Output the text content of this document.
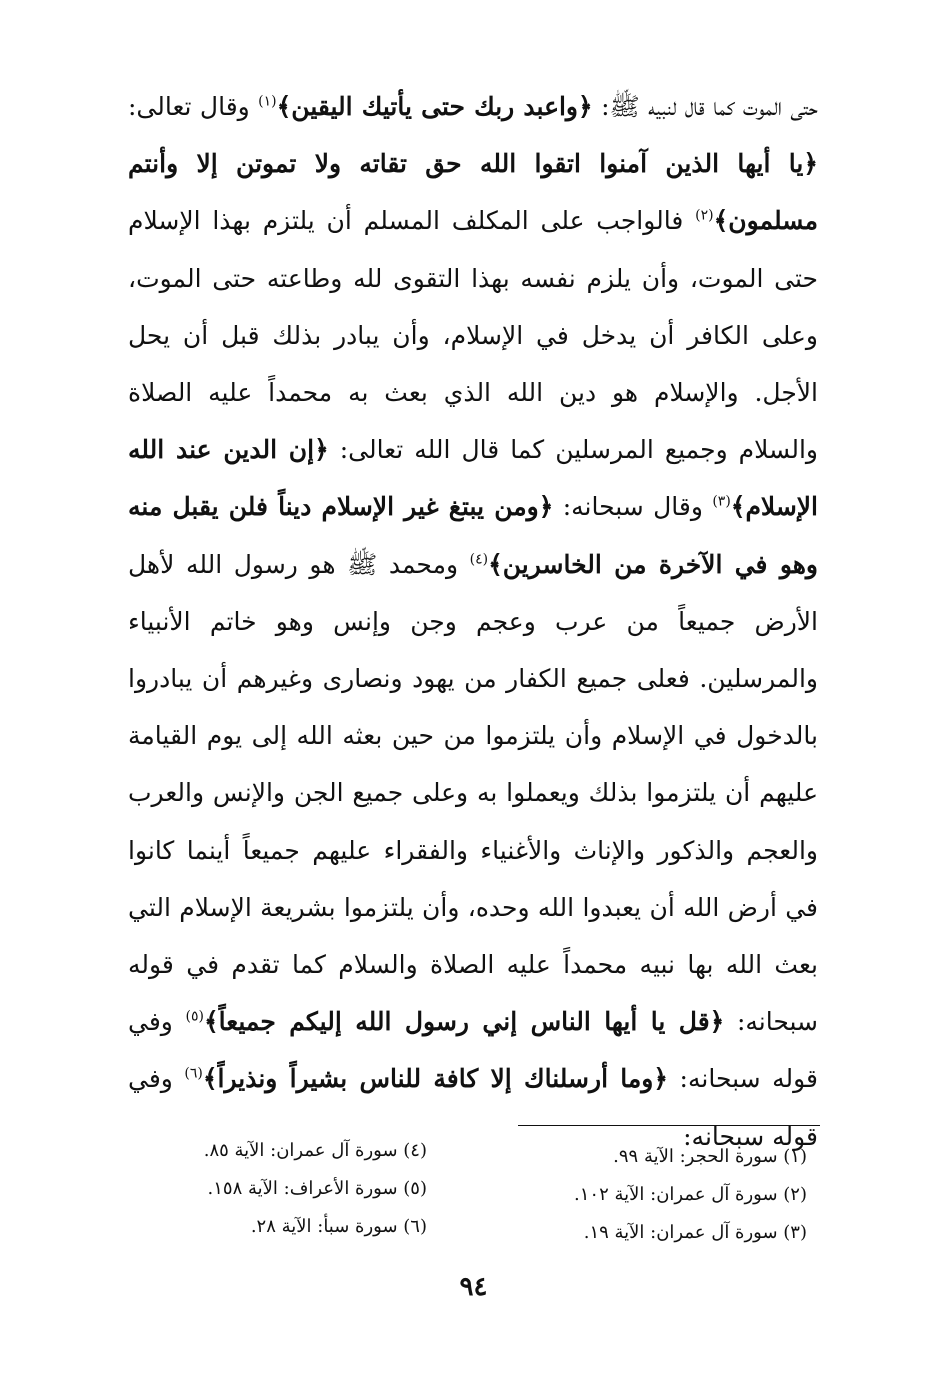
حتى الموت كما قال لنبيه ﷺ: ﴿واعبد ربك حتى يأتيك اليقين﴾$^{(١)}$ وقال تعالى: ﴿يا أيها الذين آمنوا اتقوا الله حق تقاته ولا تموتن إلا وأنتم مسلمون﴾$^{(٢)}$ فالواجب على المكلف المسلم أن يلتزم بهذا الإسلام حتى الموت، وأن يلزم نفسه بهذا التقوى لله وطاعته حتى الموت، وعلى الكافر أن يدخل في الإسلام، وأن يبادر بذلك قبل أن يحل الأجل. والإسلام هو دين الله الذي بعث به محمداً عليه الصلاة والسلام وجميع المرسلين كما قال الله تعالى: ﴿إن الدين عند الله الإسلام﴾$^{(٣)}$ وقال سبحانه: ﴿ومن يبتغ غير الإسلام ديناً فلن يقبل منه وهو في الآخرة من الخاسرين﴾$^{(٤)}$ ومحمد ﷺ هو رسول الله لأهل الأرض جميعاً من عرب وعجم وجن وإنس وهو خاتم الأنبياء والمرسلين. فعلى جميع الكفار من يهود ونصارى وغيرهم أن يبادروا بالدخول في الإسلام وأن يلتزموا من حين بعثه الله إلى يوم القيامة عليهم أن يلتزموا بذلك ويعملوا به وعلى جميع الجن والإنس والعرب والعجم والذكور والإناث والأغنياء والفقراء عليهم جميعاً أينما كانوا في أرض الله أن يعبدوا الله وحده، وأن يلتزموا بشريعة الإسلام التي بعث الله بها نبيه محمداً عليه الصلاة والسلام كما تقدم في قوله سبحانه: ﴿قل يا أيها الناس إني رسول الله إليكم جميعاً﴾$^{(٥)}$ وفي قوله سبحانه: ﴿وما أرسلناك إلا كافة للناس بشيراً ونذيراً﴾$^{(٦)}$ وفي قوله سبحانه:
(١) سورة الحجر: الآية ٩٩.
(٢) سورة آل عمران: الآية ١٠٢.
(٣) سورة آل عمران: الآية ١٩.
(٤) سورة آل عمران: الآية ٨٥.
(٥) سورة الأعراف: الآية ١٥٨.
(٦) سورة سبأ: الآية ٢٨.
٩٤
